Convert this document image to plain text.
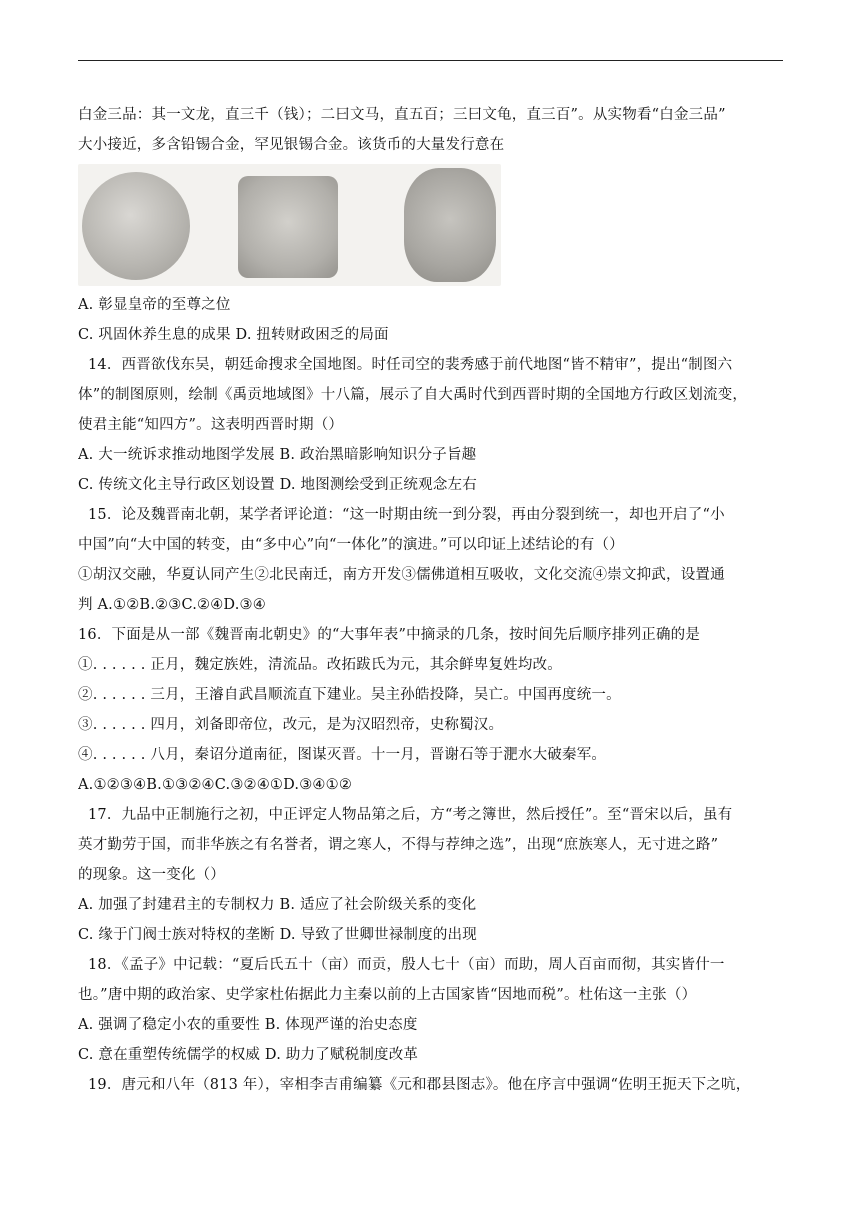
白金三品：其一文龙，直三千（钱）；二曰文马，直五百；三曰文龟，直三百”。从实物看“白金三品”
大小接近，多含铅锡合金，罕见银锡合金。该货币的大量发行意在
A. 彰显皇帝的至尊之位
C. 巩固休养生息的成果 D. 扭转财政困乏的局面
14．西晋欲伐东吴，朝廷命搜求全国地图。时任司空的裴秀感于前代地图“皆不精审”，提出“制图六
体”的制图原则，绘制《禹贡地域图》十八篇，展示了自大禹时代到西晋时期的全国地方行政区划流变，
使君主能“知四方”。这表明西晋时期（）
A. 大一统诉求推动地图学发展 B. 政治黑暗影响知识分子旨趣
C. 传统文化主导行政区划设置 D. 地图测绘受到正统观念左右
15．论及魏晋南北朝，某学者评论道：“这一时期由统一到分裂，再由分裂到统一，却也开启了“小
中国”向“大中国的转变，由“多中心”向“一体化”的演进。”可以印证上述结论的有（）
①胡汉交融，华夏认同产生②北民南迁，南方开发③儒佛道相互吸收，文化交流④崇文抑武，设置通
判 A.①②B.②③C.②④D.③④
16．下面是从一部《魏晋南北朝史》的“大事年表”中摘录的几条，按时间先后顺序排列正确的是
①. . . . . . 正月，魏定族姓，清流品。改拓跋氏为元，其余鲜卑复姓均改。
②. . . . . . 三月，王濬自武昌顺流直下建业。吴主孙皓投降，吴亡。中国再度统一。
③. . . . . . 四月，刘备即帝位，改元，是为汉昭烈帝，史称蜀汉。
④. . . . . . 八月，秦诏分道南征，图谋灭晋。十一月，晋谢石等于淝水大破秦军。
A.①②③④B.①③②④C.③②④①D.③④①②
17．九品中正制施行之初，中正评定人物品第之后，方“考之簿世，然后授任”。至“晋宋以后，虽有
英才勤劳于国，而非华族之有名誉者，谓之寒人，不得与荐绅之选”，出现“庶族寒人，无寸进之路”
的现象。这一变化（）
A. 加强了封建君主的专制权力 B. 适应了社会阶级关系的变化
C. 缘于门阀士族对特权的垄断 D. 导致了世卿世禄制度的出现
18．《孟子》中记载：“夏后氏五十（亩）而贡，殷人七十（亩）而助，周人百亩而彻，其实皆什一
也。”唐中期的政治家、史学家杜佑据此力主秦以前的上古国家皆“因地而税”。杜佑这一主张（）
A. 强调了稳定小农的重要性 B. 体现严谨的治史态度
C. 意在重塑传统儒学的权威 D. 助力了赋税制度改革
19．唐元和八年（813 年），宰相李吉甫编纂《元和郡县图志》。他在序言中强调“佐明王扼天下之吭，
